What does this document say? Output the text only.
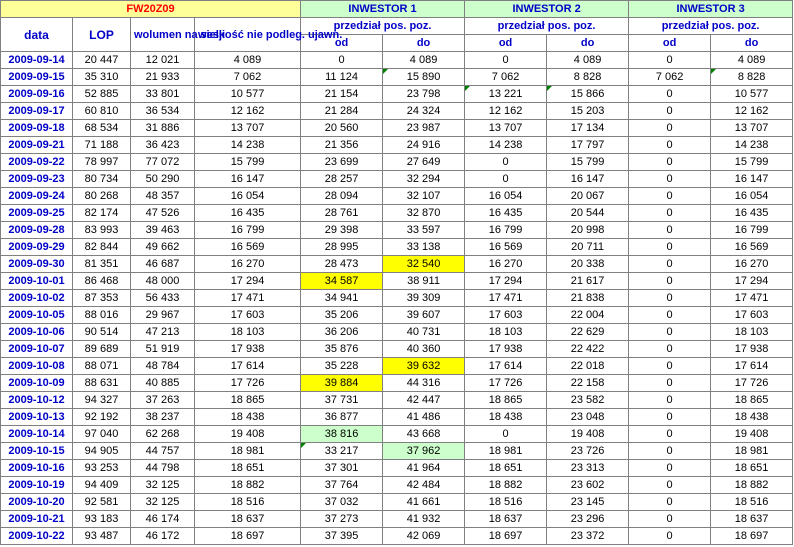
FW20Z09				INWESTOR 1		INWESTOR 2		INWESTOR 3	
data	LOP	wolumen na sesji	wielkość nie podleg. ujawn.	przedział pos. poz.		przedział pos. poz.		przedział pos. poz.	
				od	do	od	do	od	do
2009-09-14	20 447	12 021	4 089	0	4 089	0	4 089	0	4 089
2009-09-15	35 310	21 933	7 062	11 124	15 890	7 062	8 828	7 062	8 828
2009-09-16	52 885	33 801	10 577	21 154	23 798	13 221	15 866	0	10 577
2009-09-17	60 810	36 534	12 162	21 284	24 324	12 162	15 203	0	12 162
2009-09-18	68 534	31 886	13 707	20 560	23 987	13 707	17 134	0	13 707
2009-09-21	71 188	36 423	14 238	21 356	24 916	14 238	17 797	0	14 238
2009-09-22	78 997	77 072	15 799	23 699	27 649	0	15 799	0	15 799
2009-09-23	80 734	50 290	16 147	28 257	32 294	0	16 147	0	16 147
2009-09-24	80 268	48 357	16 054	28 094	32 107	16 054	20 067	0	16 054
2009-09-25	82 174	47 526	16 435	28 761	32 870	16 435	20 544	0	16 435
2009-09-28	83 993	39 463	16 799	29 398	33 597	16 799	20 998	0	16 799
2009-09-29	82 844	49 662	16 569	28 995	33 138	16 569	20 711	0	16 569
2009-09-30	81 351	46 687	16 270	28 473	32 540	16 270	20 338	0	16 270
2009-10-01	86 468	48 000	17 294	34 587	38 911	17 294	21 617	0	17 294
2009-10-02	87 353	56 433	17 471	34 941	39 309	17 471	21 838	0	17 471
2009-10-05	88 016	29 967	17 603	35 206	39 607	17 603	22 004	0	17 603
2009-10-06	90 514	47 213	18 103	36 206	40 731	18 103	22 629	0	18 103
2009-10-07	89 689	51 919	17 938	35 876	40 360	17 938	22 422	0	17 938
2009-10-08	88 071	48 784	17 614	35 228	39 632	17 614	22 018	0	17 614
2009-10-09	88 631	40 885	17 726	39 884	44 316	17 726	22 158	0	17 726
2009-10-12	94 327	37 263	18 865	37 731	42 447	18 865	23 582	0	18 865
2009-10-13	92 192	38 237	18 438	36 877	41 486	18 438	23 048	0	18 438
2009-10-14	97 040	62 268	19 408	38 816	43 668	0	19 408	0	19 408
2009-10-15	94 905	44 757	18 981	33 217	37 962	18 981	23 726	0	18 981
2009-10-16	93 253	44 798	18 651	37 301	41 964	18 651	23 313	0	18 651
2009-10-19	94 409	32 125	18 882	37 764	42 484	18 882	23 602	0	18 882
2009-10-20	92 581	32 125	18 516	37 032	41 661	18 516	23 145	0	18 516
2009-10-21	93 183	46 174	18 637	37 273	41 932	18 637	23 296	0	18 637
2009-10-22	93 487	46 172	18 697	37 395	42 069	18 697	23 372	0	18 697
